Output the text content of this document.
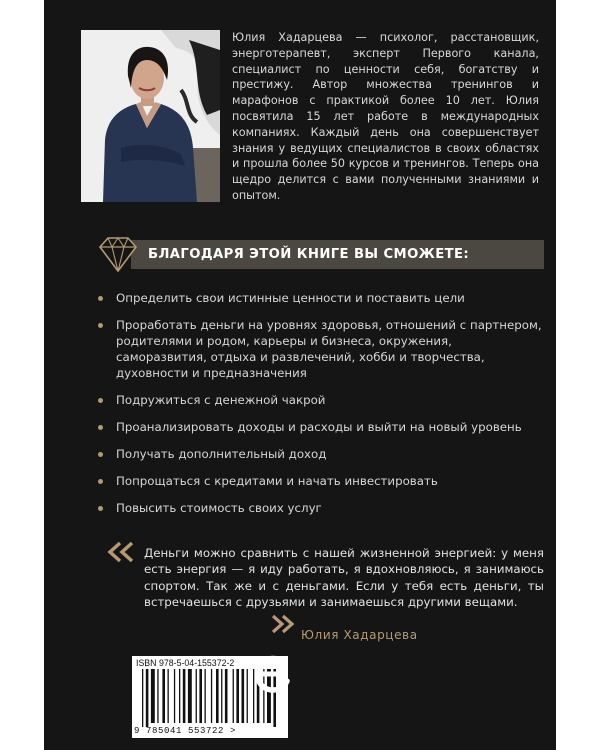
Юлия Хадарцева — психолог, расстановщик, энерготерапевт, эксперт Первого канала, специалист по ценности себя, богатству и престижу. Автор множества тренингов и марафонов с практикой более 10 лет. Юлия посвятила 15 лет работе в международных компаниях. Каждый день она совершенствует знания у ведущих специалистов в своих областях и прошла более 50 курсов и тренингов. Теперь она щедро делится с вами полученными знаниями и опытом.

БЛАГОДАРЯ ЭТОЙ КНИГЕ ВЫ СМОЖЕТЕ:
Определить свои истинные ценности и поставить цели
Проработать деньги на уровнях здоровья, отношений с партнером, родителями и родом, карьеры и бизнеса, окружения, саморазвития, отдыха и развлечений, хобби и творчества, духовности и предназначения
Подружиться с денежной чакрой
Проанализировать доходы и расходы и выйти на новый уровень
Получать дополнительный доход
Попрощаться с кредитами и начать инвестировать
Повысить стоимость своих услуг

Деньги можно сравнить с нашей жизненной энергией: у меня есть энергия — я иду работать, я вдохновляюсь, я занимаюсь спортом. Так же и с деньгами. Если у тебя есть деньги, ты встречаешься с друзьями и занимаешься другими вещами.

Юлия Хадарцева
ISBN 978-5-04-155372-2
9 785041 553722 >
